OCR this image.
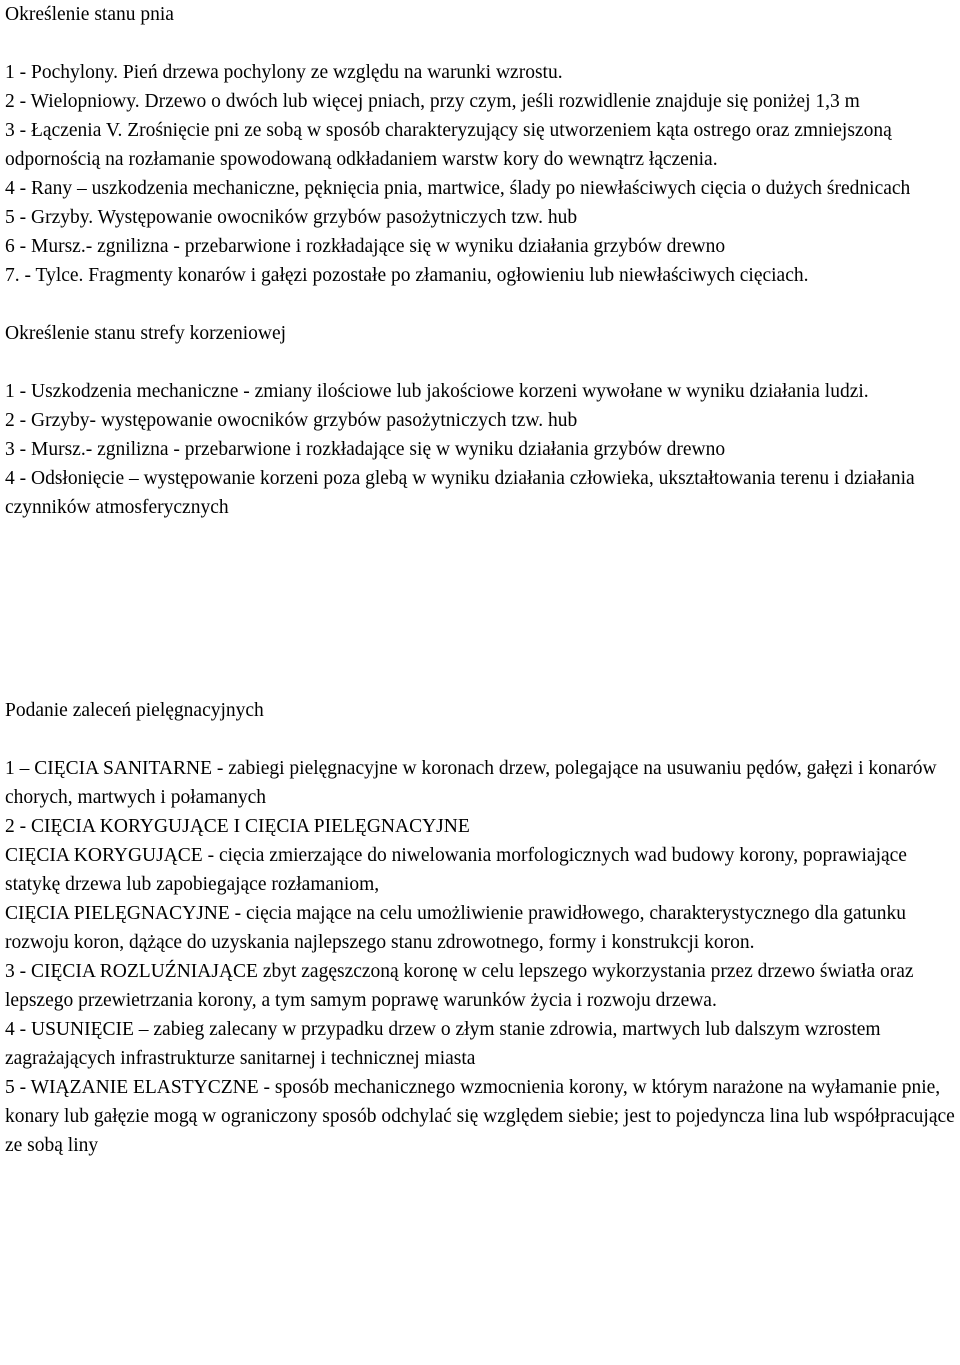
Określenie stanu pnia
1 - Pochylony. Pień drzewa pochylony ze względu na warunki wzrostu.
2 - Wielopniowy. Drzewo o dwóch lub więcej pniach, przy czym, jeśli rozwidlenie znajduje się poniżej 1,3 m
3 - Łączenia V. Zrośnięcie pni ze sobą w sposób charakteryzujący się utworzeniem kąta ostrego oraz zmniejszoną odpornością na rozłamanie spowodowaną odkładaniem warstw kory do wewnątrz łączenia.
4 - Rany – uszkodzenia mechaniczne, pęknięcia pnia, martwice, ślady po niewłaściwych cięcia o dużych średnicach
5 - Grzyby. Występowanie owocników grzybów pasożytniczych tzw. hub
6 - Mursz.- zgnilizna - przebarwione i rozkładające się w wyniku działania grzybów drewno
7. - Tylce. Fragmenty konarów i gałęzi pozostałe po złamaniu, ogłowieniu lub niewłaściwych cięciach.
Określenie stanu strefy korzeniowej
1 - Uszkodzenia mechaniczne - zmiany ilościowe lub jakościowe korzeni wywołane w wyniku działania ludzi.
2 - Grzyby- występowanie owocników grzybów pasożytniczych tzw. hub
3 - Mursz.- zgnilizna - przebarwione i rozkładające się w wyniku działania grzybów drewno
4 - Odsłonięcie – występowanie korzeni poza glebą w wyniku działania człowieka, ukształtowania terenu i działania czynników atmosferycznych
Podanie zaleceń pielęgnacyjnych
1 – CIĘCIA SANITARNE - zabiegi pielęgnacyjne w koronach drzew, polegające na usuwaniu pędów, gałęzi i konarów chorych, martwych i połamanych
2 - CIĘCIA KORYGUJĄCE I CIĘCIA PIELĘGNACYJNE
CIĘCIA KORYGUJĄCE - cięcia zmierzające do niwelowania morfologicznych wad budowy korony, poprawiające statykę drzewa lub zapobiegające rozłamaniom,
CIĘCIA PIELĘGNACYJNE - cięcia mające na celu umożliwienie prawidłowego, charakterystycznego dla gatunku rozwoju koron, dążące do uzyskania najlepszego stanu zdrowotnego, formy i konstrukcji koron.
3 - CIĘCIA ROZLUŹNIAJĄCE zbyt zagęszczoną koronę w celu lepszego wykorzystania przez drzewo światła oraz lepszego przewietrzania korony, a tym samym poprawę warunków życia i rozwoju drzewa.
4 - USUNIĘCIE – zabieg zalecany w przypadku drzew o złym stanie zdrowia, martwych lub dalszym wzrostem zagrażających infrastrukturze sanitarnej i technicznej miasta
5 - WIĄZANIE ELASTYCZNE - sposób mechanicznego wzmocnienia korony, w którym narażone na wyłamanie pnie, konary lub gałęzie mogą w ograniczony sposób odchylać się względem siebie; jest to pojedyncza lina lub współpracujące ze sobą liny
